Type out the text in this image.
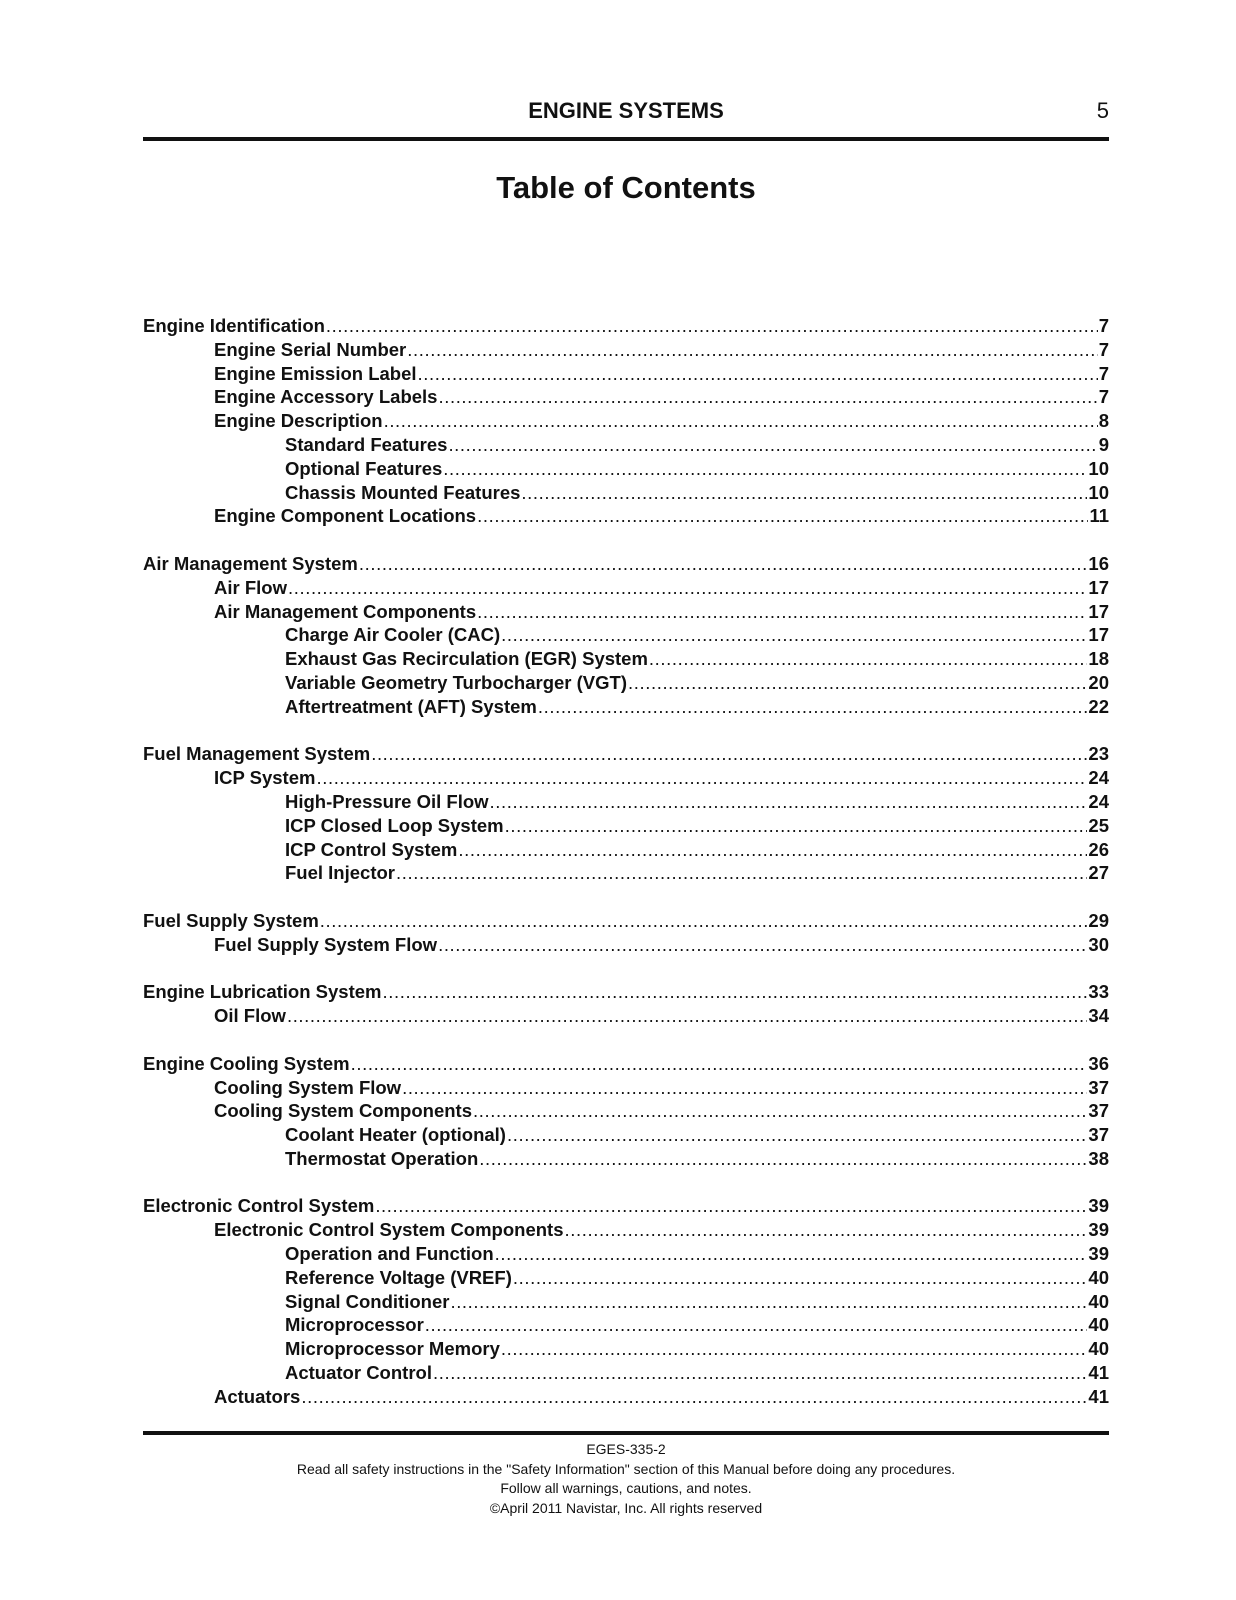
ENGINE SYSTEMS	5
Table of Contents
Engine Identification .....	7
Engine Serial Number .....	7
Engine Emission Label .....	7
Engine Accessory Labels .....	7
Engine Description .....	8
Standard Features .....	9
Optional Features .....	10
Chassis Mounted Features .....	10
Engine Component Locations .....	11
Air Management System .....	16
Air Flow .....	17
Air Management Components .....	17
Charge Air Cooler (CAC) .....	17
Exhaust Gas Recirculation (EGR) System .....	18
Variable Geometry Turbocharger (VGT) .....	20
Aftertreatment (AFT) System .....	22
Fuel Management System .....	23
ICP System .....	24
High-Pressure Oil Flow .....	24
ICP Closed Loop System .....	25
ICP Control System .....	26
Fuel Injector .....	27
Fuel Supply System .....	29
Fuel Supply System Flow .....	30
Engine Lubrication System .....	33
Oil Flow .....	34
Engine Cooling System .....	36
Cooling System Flow .....	37
Cooling System Components .....	37
Coolant Heater (optional) .....	37
Thermostat Operation .....	38
Electronic Control System .....	39
Electronic Control System Components .....	39
Operation and Function .....	39
Reference Voltage (VREF) .....	40
Signal Conditioner .....	40
Microprocessor .....	40
Microprocessor Memory .....	40
Actuator Control .....	41
Actuators .....	41
EGES-335-2
Read all safety instructions in the "Safety Information" section of this Manual before doing any procedures.
Follow all warnings, cautions, and notes.
©April 2011 Navistar, Inc. All rights reserved
